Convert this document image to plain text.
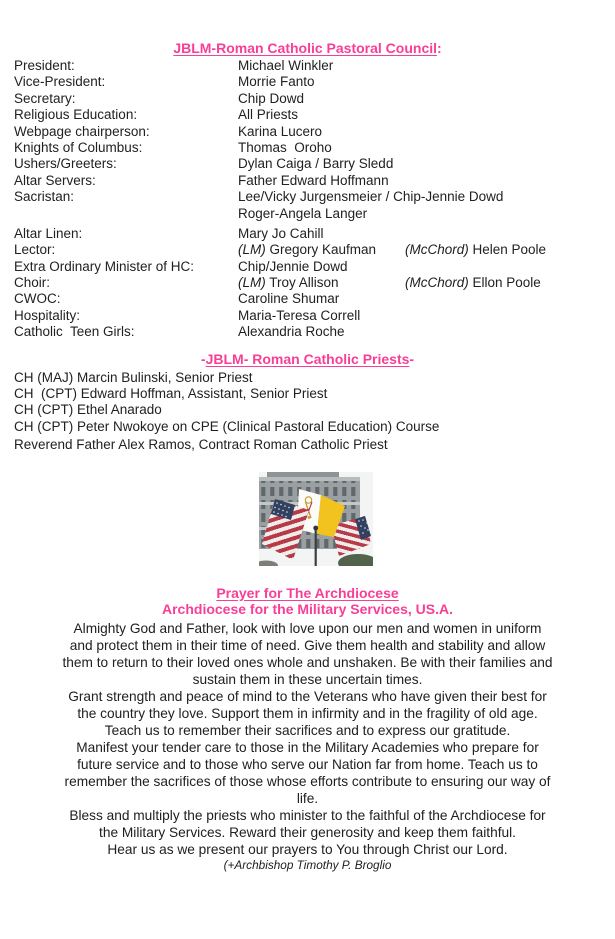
JBLM-Roman Catholic Pastoral Council:
President:	Michael Winkler
Vice-President:	Morrie Fanto
Secretary:	Chip Dowd
Religious Education:	All Priests
Webpage chairperson:	Karina Lucero
Knights of Columbus:	Thomas  Oroho
Ushers/Greeters:	Dylan Caiga / Barry Sledd
Altar Servers:	Father Edward Hoffmann
Sacristan:	Lee/Vicky Jurgensmeier / Chip-Jennie Dowd
Roger-Angela Langer
Altar Linen:	Mary Jo Cahill
Lector:	(LM) Gregory Kaufman	(McChord) Helen Poole
Extra Ordinary Minister of HC:	Chip/Jennie Dowd
Choir:	(LM) Troy Allison	(McChord) Ellon Poole
CWOC:	Caroline Shumar
Hospitality:	Maria-Teresa Correll
Catholic  Teen Girls:	Alexandria Roche
-JBLM- Roman Catholic Priests-
CH (MAJ) Marcin Bulinski, Senior Priest
CH  (CPT) Edward Hoffman, Assistant, Senior Priest
CH (CPT) Ethel Anarado
CH (CPT) Peter Nwokoye on CPE (Clinical Pastoral Education) Course
Reverend Father Alex Ramos, Contract Roman Catholic Priest
Prayer for The Archdiocese
Archdiocese for the Military Services, US.A.
Almighty God and Father, look with love upon our men and women in uniform
and protect them in their time of need. Give them health and stability and allow
them to return to their loved ones whole and unshaken. Be with their families and
sustain them in these uncertain times.
Grant strength and peace of mind to the Veterans who have given their best for
the country they love. Support them in infirmity and in the fragility of old age.
Teach us to remember their sacrifices and to express our gratitude.
Manifest your tender care to those in the Military Academies who prepare for
future service and to those who serve our Nation far from home. Teach us to
remember the sacrifices of those whose efforts contribute to ensuring our way of
life.
Bless and multiply the priests who minister to the faithful of the Archdiocese for
the Military Services. Reward their generosity and keep them faithful.
Hear us as we present our prayers to You through Christ our Lord.
(+Archbishop Timothy P. Broglio
